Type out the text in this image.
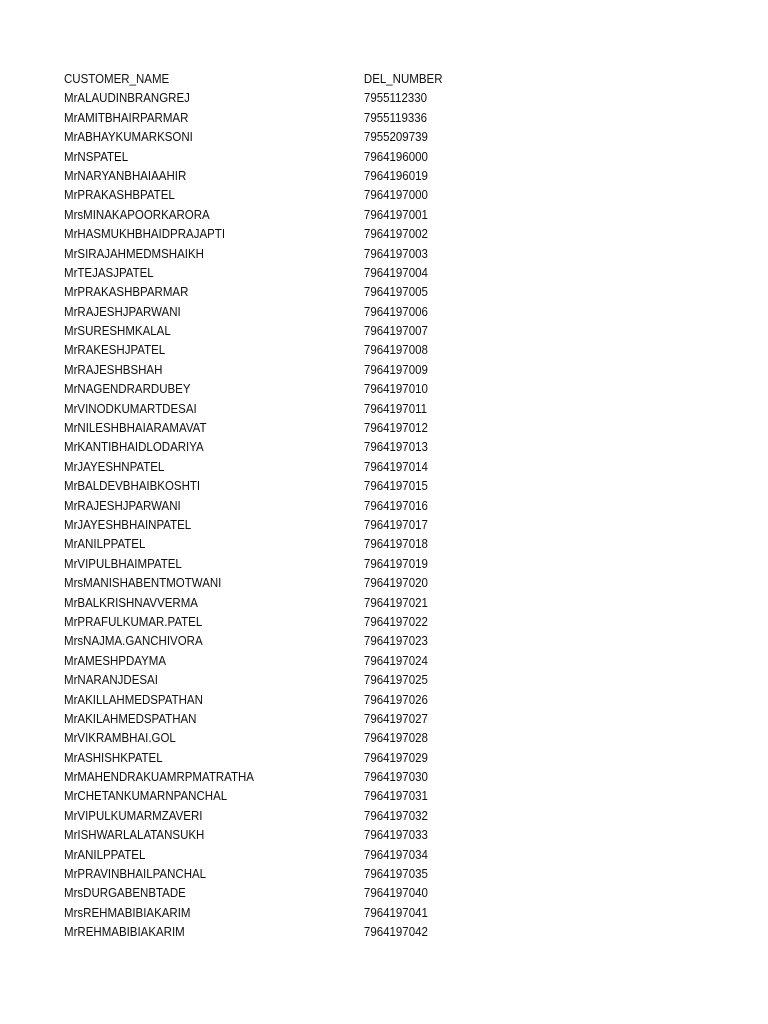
CUSTOMER_NAME	DEL_NUMBER
MrALAUDINBRANGREJ	7955112330
MrAMITBHAIRPARMAR	7955119336
MrABHAYKUMARKSONI	7955209739
MrNSPATEL	7964196000
MrNARYANBHAIAAHIR	7964196019
MrPRAKASHBPATEL	7964197000
MrsMINAKAPOORKARORA	7964197001
MrHASMUKHBHAIDPRAJAPTI	7964197002
MrSIRAJAHMEDMSHAIKH	7964197003
MrTEJASJPATEL	7964197004
MrPRAKASHBPARMAR	7964197005
MrRAJESHJPARWANI	7964197006
MrSURESHMKALAL	7964197007
MrRAKESHJPATEL	7964197008
MrRAJESHBSHAH	7964197009
MrNAGENDRARDUBEY	7964197010
MrVINODKUMARTDESAI	7964197011
MrNILESHBHAIARAMAVAT	7964197012
MrKANTIBHAIDLODARIYA	7964197013
MrJAYESHNPATEL	7964197014
MrBALDEVBHAIBKOSHTI	7964197015
MrRAJESHJPARWANI	7964197016
MrJAYESHBHAINPATEL	7964197017
MrANILPPATEL	7964197018
MrVIPULBHAIMPATEL	7964197019
MrsMANISHABENTMOTWANI	7964197020
MrBALKRISHNAVVERMA	7964197021
MrPRAFULKUMAR.PATEL	7964197022
MrsNAJMA.GANCHIVORA	7964197023
MrAMESHPDAYMA	7964197024
MrNARANJDESAI	7964197025
MrAKILLAHMEDSPATHAN	7964197026
MrAKILAHMEDSPATHAN	7964197027
MrVIKRAMBHAI.GOL	7964197028
MrASHISHKPATEL	7964197029
MrMAHENDRAKUAMRPMATRATHA	7964197030
MrCHETANKUMARNPANCHAL	7964197031
MrVIPULKUMARMZAVERI	7964197032
MrISHWARLALATANSUKH	7964197033
MrANILPPATEL	7964197034
MrPRAVINBHAILPANCHAL	7964197035
MrsDURGABENBTADE	7964197040
MrsREHMABIBIAKARIM	7964197041
MrREHMABIBIAKARIM	7964197042
